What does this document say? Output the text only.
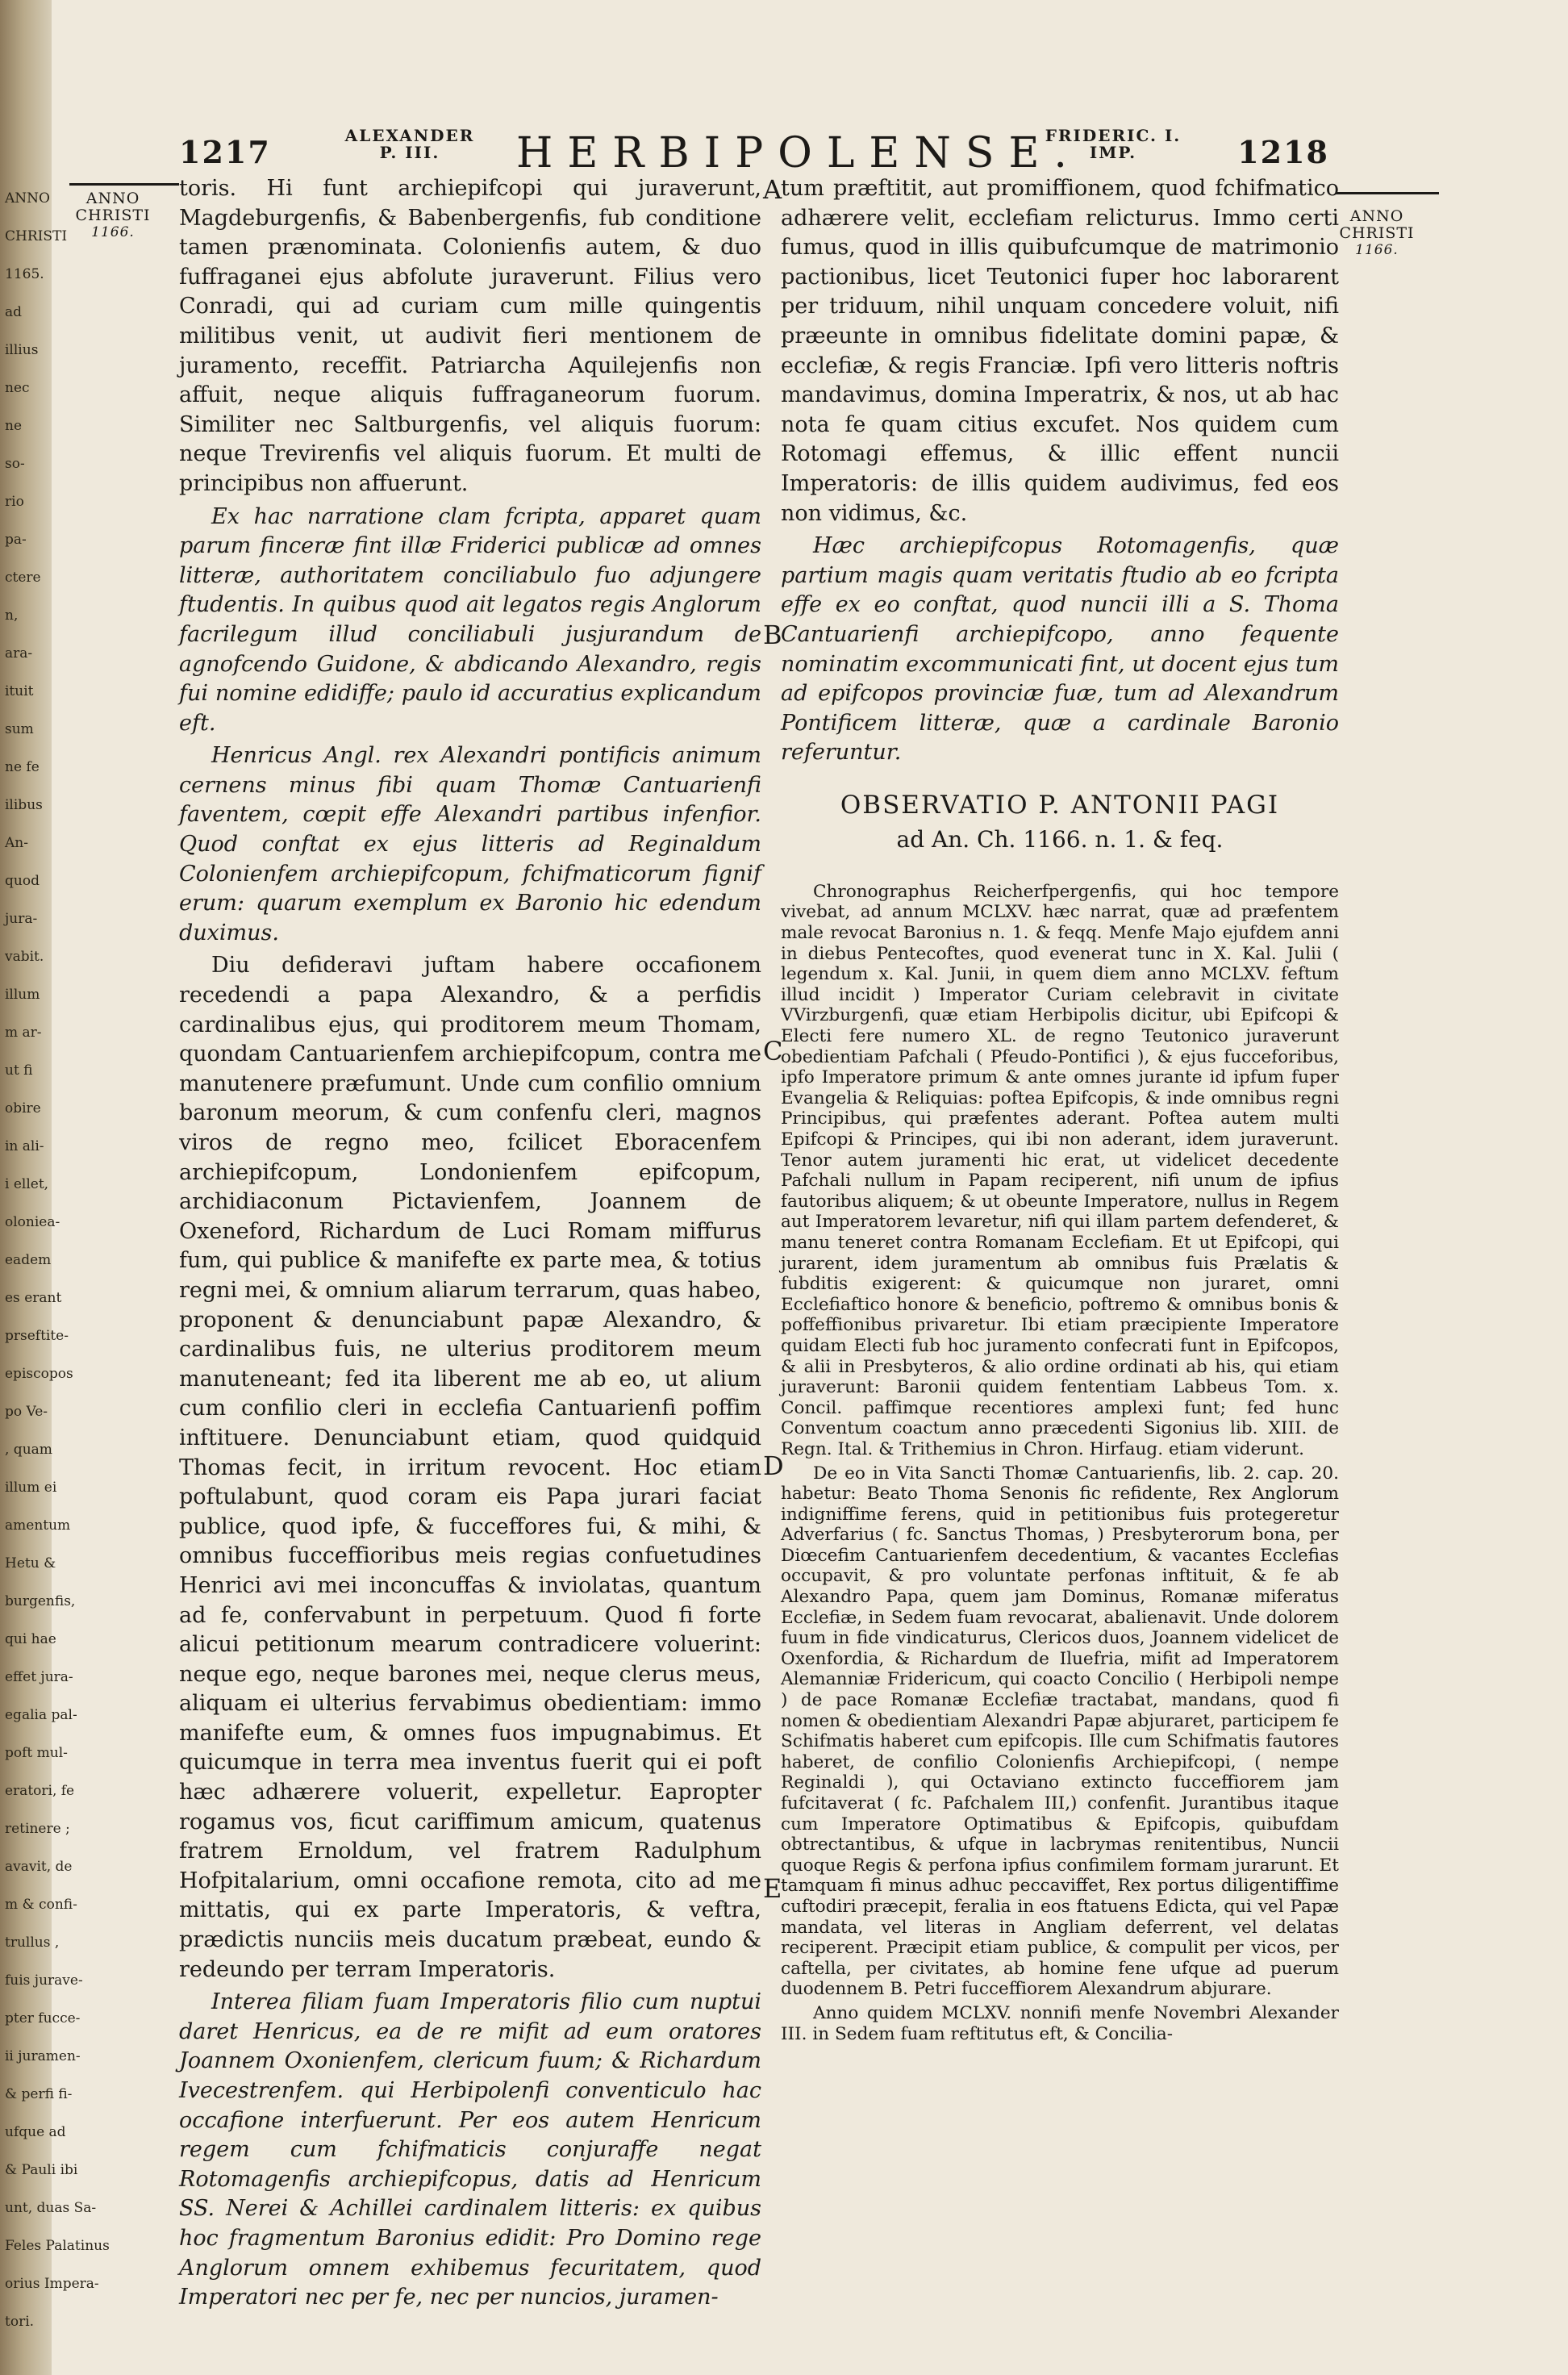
ANNO
CHRISTI
1165.
ad
illius
nec
ne
so-
rio
pa-
ctere
n,
ara-
ituit
sum
ne fe
ilibus
An-
quod
jura-
vabit.
illum
m ar-
ut fi
obire
in ali-
i ellet,
oloniea-
eadem
es erant
prseftite-
episcopos
po Ve-
, quam
illum ei
amentum
Hetu &
burgenfis,
qui hae
effet jura-
egalia pal-
poft mul-
eratori, fe
retinere ;
avavit, de
m & confi-
trullus ,
fuis jurave-
pter fucce-
ii juramen-
& perfi fi-
ufque ad
& Pauli ibi
unt, duas Sa-
Feles Palatinus
orius Impera-
tori.
1217	ALEXANDER
P. III.	HERBIPOLENSE.
FRIDERIC. I.
IMP.	1218
ANNO
CHRISTI
1166.
ANNO
CHRISTI
1166.
A
B
C
D
E

toris. Hi funt archiepifcopi qui juraverunt, Magdeburgenfis, & Babenbergenfis, fub conditione tamen prænominata. Colonienfis autem, & duo fuffraganei ejus abfolute juraverunt. Filius vero Conradi, qui ad curiam cum mille quingentis militibus venit, ut audivit fieri mentionem de juramento, receffit. Patriarcha Aquilejenfis non affuit, neque aliquis fuffraganeorum fuorum. Similiter nec Saltburgenfis, vel aliquis fuorum: neque Trevirenfis vel aliquis fuorum. Et multi de principibus non affuerunt.

Ex hac narratione clam fcripta, apparet quam parum finceræ fint illæ Friderici publicæ ad omnes litteræ, authoritatem conciliabulo fuo adjungere ftudentis. In quibus quod ait legatos regis Anglorum facrilegum illud conciliabuli jusjurandum de agnofcendo Guidone, & abdicando Alexandro, regis fui nomine edidiffe; paulo id accuratius explicandum eft.

Henricus Angl. rex Alexandri pontificis animum cernens minus fibi quam Thomæ Cantuarienfi faventem, cœpit effe Alexandri partibus infenfior. Quod conftat ex ejus litteris ad Reginaldum Colonienfem archiepifcopum, fchifmaticorum fignif erum: quarum exemplum ex Baronio hic edendum duximus.

Diu defideravi juftam habere occafionem recedendi a papa Alexandro, & a perfidis cardinalibus ejus, qui proditorem meum Thomam, quondam Cantuarienfem archiepifcopum, contra me manutenere præfumunt. Unde cum confilio omnium baronum meorum, & cum confenfu cleri, magnos viros de regno meo, fcilicet Eboracenfem archiepifcopum, Londonienfem epifcopum, archidiaconum Pictavienfem, Joannem de Oxeneford, Richardum de Luci Romam miffurus fum, qui publice & manifefte ex parte mea, & totius regni mei, & omnium aliarum terrarum, quas habeo, proponent & denunciabunt papæ Alexandro, & cardinalibus fuis, ne ulterius proditorem meum manuteneant; fed ita liberent me ab eo, ut alium cum confilio cleri in ecclefia Cantuarienfi poffim inftituere. Denunciabunt etiam, quod quidquid Thomas fecit, in irritum revocent. Hoc etiam poftulabunt, quod coram eis Papa jurari faciat publice, quod ipfe, & fucceffores fui, & mihi, & omnibus fucceffioribus meis regias confuetudines Henrici avi mei inconcuffas & inviolatas, quantum ad fe, confervabunt in perpetuum. Quod fi forte alicui petitionum mearum contradicere voluerint: neque ego, neque barones mei, neque clerus meus, aliquam ei ulterius fervabimus obedientiam: immo manifefte eum, & omnes fuos impugnabimus. Et quicumque in terra mea inventus fuerit qui ei poft hæc adhærere voluerit, expelletur. Eapropter rogamus vos, ficut cariffimum amicum, quatenus fratrem Ernoldum, vel fratrem Radulphum Hofpitalarium, omni occafione remota, cito ad me mittatis, qui ex parte Imperatoris, & veftra, prædictis nunciis meis ducatum præbeat, eundo & redeundo per terram Imperatoris.

Interea filiam fuam Imperatoris filio cum nuptui daret Henricus, ea de re mifit ad eum oratores Joannem Oxonienfem, clericum fuum; & Richardum Ivecestrenfem. qui Herbipolenfi conventiculo hac occafione interfuerunt. Per eos autem Henricum regem cum fchifmaticis conjuraffe negat Rotomagenfis archiepifcopus, datis ad Henricum SS. Nerei & Achillei cardinalem litteris: ex quibus hoc fragmentum Baronius edidit: Pro Domino rege Anglorum omnem exhibemus fecuritatem, quod Imperatori nec per fe, nec per nuncios, juramen-

tum præftitit, aut promiffionem, quod fchifmatico adhærere velit, ecclefiam relicturus. Immo certi fumus, quod in illis quibufcumque de matrimonio pactionibus, licet Teutonici fuper hoc laborarent per triduum, nihil unquam concedere voluit, nifi præeunte in omnibus fidelitate domini papæ, & ecclefiæ, & regis Franciæ. Ipfi vero litteris noftris mandavimus, domina Imperatrix, & nos, ut ab hac nota fe quam citius excufet. Nos quidem cum Rotomagi effemus, & illic effent nuncii Imperatoris: de illis quidem audivimus, fed eos non vidimus, &c.

Hæc archiepifcopus Rotomagenfis, quæ partium magis quam veritatis ftudio ab eo fcripta effe ex eo conftat, quod nuncii illi a S. Thoma Cantuarienfi archiepifcopo, anno fequente nominatim excommunicati fint, ut docent ejus tum ad epifcopos provinciæ fuæ, tum ad Alexandrum Pontificem litteræ, quæ a cardinale Baronio referuntur.

OBSERVATIO P. ANTONII PAGI

ad An. Ch. 1166. n. 1. & feq.

Chronographus Reicherfpergenfis, qui hoc tempore vivebat, ad annum MCLXV. hæc narrat, quæ ad præfentem male revocat Baronius n. 1. & feqq. Menfe Majo ejufdem anni in diebus Pentecoftes, quod evenerat tunc in X. Kal. Julii ( legendum x. Kal. Junii, in quem diem anno MCLXV. feftum illud incidit ) Imperator Curiam celebravit in civitate VVirzburgenfi, quæ etiam Herbipolis dicitur, ubi Epifcopi & Electi fere numero XL. de regno Teutonico juraverunt obedientiam Pafchali ( Pfeudo-Pontifici ), & ejus fucceforibus, ipfo Imperatore primum & ante omnes jurante id ipfum fuper Evangelia & Reliquias: poftea Epifcopis, & inde omnibus regni Principibus, qui præfentes aderant. Poftea autem multi Epifcopi & Principes, qui ibi non aderant, idem juraverunt. Tenor autem juramenti hic erat, ut videlicet decedente Pafchali nullum in Papam reciperent, nifi unum de ipfius fautoribus aliquem; & ut obeunte Imperatore, nullus in Regem aut Imperatorem levaretur, nifi qui illam partem defenderet, & manu teneret contra Romanam Ecclefiam. Et ut Epifcopi, qui jurarent, idem juramentum ab omnibus fuis Prælatis & fubditis exigerent: & quicumque non juraret, omni Ecclefiaftico honore & beneficio, poftremo & omnibus bonis & poffeffionibus privaretur. Ibi etiam præcipiente Imperatore quidam Electi fub hoc juramento confecrati funt in Epifcopos, & alii in Presbyteros, & alio ordine ordinati ab his, qui etiam juraverunt: Baronii quidem fententiam Labbeus Tom. x. Concil. paffimque recentiores amplexi funt; fed hunc Conventum coactum anno præcedenti Sigonius lib. XIII. de Regn. Ital. & Trithemius in Chron. Hirfaug. etiam viderunt.

De eo in Vita Sancti Thomæ Cantuarienfis, lib. 2. cap. 20. habetur: Beato Thoma Senonis fic refidente, Rex Anglorum indigniffime ferens, quid in petitionibus fuis protegeretur Adverfarius ( fc. Sanctus Thomas, ) Presbyterorum bona, per Diœcefim Cantuarienfem decedentium, & vacantes Ecclefias occupavit, & pro voluntate perfonas inftituit, & fe ab Alexandro Papa, quem jam Dominus, Romanæ miferatus Ecclefiæ, in Sedem fuam revocarat, abalienavit. Unde dolorem fuum in fide vindicaturus, Clericos duos, Joannem videlicet de Oxenfordia, & Richardum de Iluefria, mifit ad Imperatorem Alemanniæ Fridericum, qui coacto Concilio ( Herbipoli nempe ) de pace Romanæ Ecclefiæ tractabat, mandans, quod fi nomen & obedientiam Alexandri Papæ abjuraret, participem fe Schifmatis haberet cum epifcopis. Ille cum Schifmatis fautores haberet, de confilio Colonienfis Archiepifcopi, ( nempe Reginaldi ), qui Octaviano extincto fucceffiorem jam fufcitaverat ( fc. Pafchalem III,) confenfit. Jurantibus itaque cum Imperatore Optimatibus & Epifcopis, quibufdam obtrectantibus, & ufque in lacbrymas renitentibus, Nuncii quoque Regis & perfona ipfius confimilem formam jurarunt. Et tamquam fi minus adhuc peccaviffet, Rex portus diligentiffime cuftodiri præcepit, feralia in eos ftatuens Edicta, qui vel Papæ mandata, vel literas in Angliam deferrent, vel delatas reciperent. Præcipit etiam publice, & compulit per vicos, per caftella, per civitates, ab homine fene ufque ad puerum duodennem B. Petri fucceffiorem Alexandrum abjurare.

Anno quidem MCLXV. nonnifi menfe Novembri Alexander III. in Sedem fuam reftitutus eft, & Concilia-
